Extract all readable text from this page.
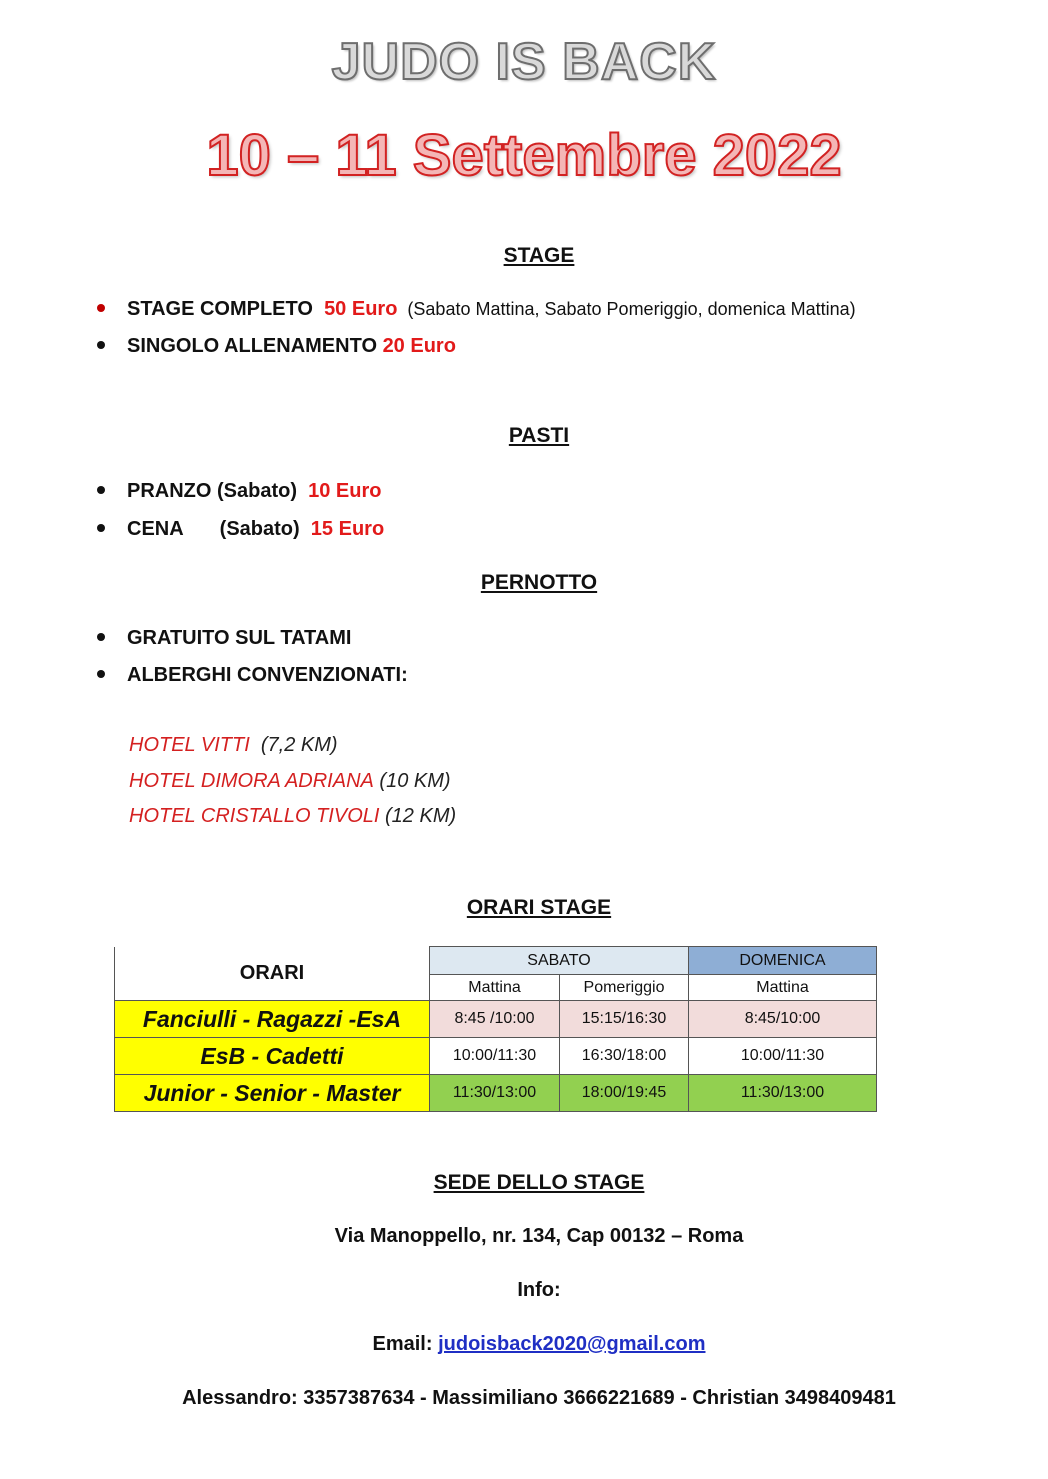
JUDO IS BACK
10 – 11 Settembre 2022
STAGE
STAGE COMPLETO 50 Euro (Sabato Mattina, Sabato Pomeriggio, domenica Mattina)
SINGOLO ALLENAMENTO 20 Euro
PASTI
PRANZO (Sabato) 10 Euro
CENA (Sabato) 15 Euro
PERNOTTO
GRATUITO SUL TATAMI
ALBERGHI CONVENZIONATI:
HOTEL VITTI (7,2 KM)
HOTEL DIMORA ADRIANA (10 KM)
HOTEL CRISTALLO TIVOLI (12 KM)
ORARI STAGE
ORARI	SABATO		DOMENICA
	Mattina	Pomeriggio	Mattina
Fanciulli - Ragazzi -EsA	8:45 /10:00	15:15/16:30	8:45/10:00
EsB - Cadetti	10:00/11:30	16:30/18:00	10:00/11:30
Junior - Senior - Master	11:30/13:00	18:00/19:45	11:30/13:00
SEDE DELLO STAGE
Via Manoppello, nr. 134, Cap 00132 – Roma
Info:
Email: judoisback2020@gmail.com
Alessandro: 3357387634 - Massimiliano 3666221689 - Christian 3498409481
